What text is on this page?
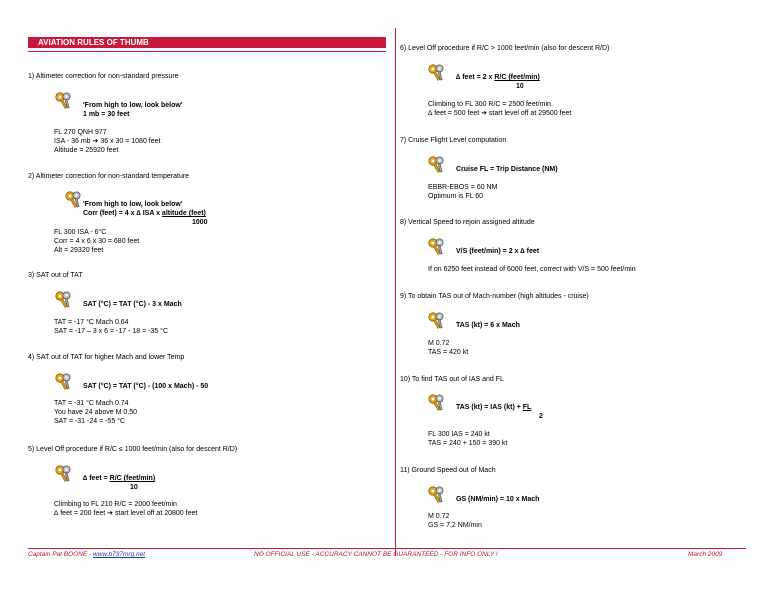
AVIATION RULES OF THUMB
1) Altimeter correction for non-standard pressure
'From high to low, look below'
1 mb = 30 feet
FL 270 QNH 977
ISA - 36 mb ➔ 36 x 30 = 1080 feet
Altitude = 25920 feet
2) Altimeter correction for non-standard temperature
'From high to low, look below'
Corr (feet) = 4 x ∆ ISA x altitude (feet)
1000
FL 300 ISA - 6°C
Corr = 4 x 6 x 30 = 680 feet
Alt = 29320 feet
3) SAT out of TAT
SAT (°C) = TAT (°C) - 3 x Mach
TAT = -17 °C Mach 0.64
SAT = -17 – 3 x 6 = -17 - 18 = -35 °C
4) SAT out of TAT for higher Mach and lower Temp
SAT (°C) = TAT (°C) - (100 x Mach) - 50
TAT = -31 °C Mach 0.74
You have 24 above M 0.50
SAT = -31 -24 = -55 °C
5) Level Off procedure if R/C ≤ 1000 feet/min (also for descent R/D)
∆ feet = R/C (feet/min)
10
Climbing to FL 210 R/C = 2000 feet/min
∆ feet = 200 feet ➔ start level off at 20800 feet
6) Level Off procedure if R/C > 1000 feet/min (also for descent R/D)
∆ feet = 2 x R/C (feet/min)
10
Climbing to FL 300 R/C = 2500 feet/min
∆ feet = 500 feet ➔ start level off at 29500 feet
7) Cruise Flight Level computation
Cruise FL = Trip Distance (NM)
EBBR-EBOS = 60 NM
Optimum is FL 60
8) Vertical Speed to rejoin assigned altitude
V/S (feet/min) = 2 x ∆ feet
If on 6250 feet instead of 6000 feet, correct with V/S = 500 feet/min
9) To obtain TAS out of Mach-number (high altitudes - cruise)
TAS (kt) = 6 x Mach
M 0.72
TAS = 420 kt
10) To find TAS out of IAS and FL
TAS (kt) = IAS (kt) + FL
2
FL 300 IAS = 240 kt
TAS = 240 + 150 = 390 kt
11) Ground Speed out of Mach
GS (NM/min) = 10 x Mach
M 0.72
GS = 7,2 NM/min
Captain Pat BOONE - www.b737mrg.net	NO OFFICIAL USE - ACCURACY CANNOT BE GUARANTEED - FOR INFO ONLY !	March 2009
